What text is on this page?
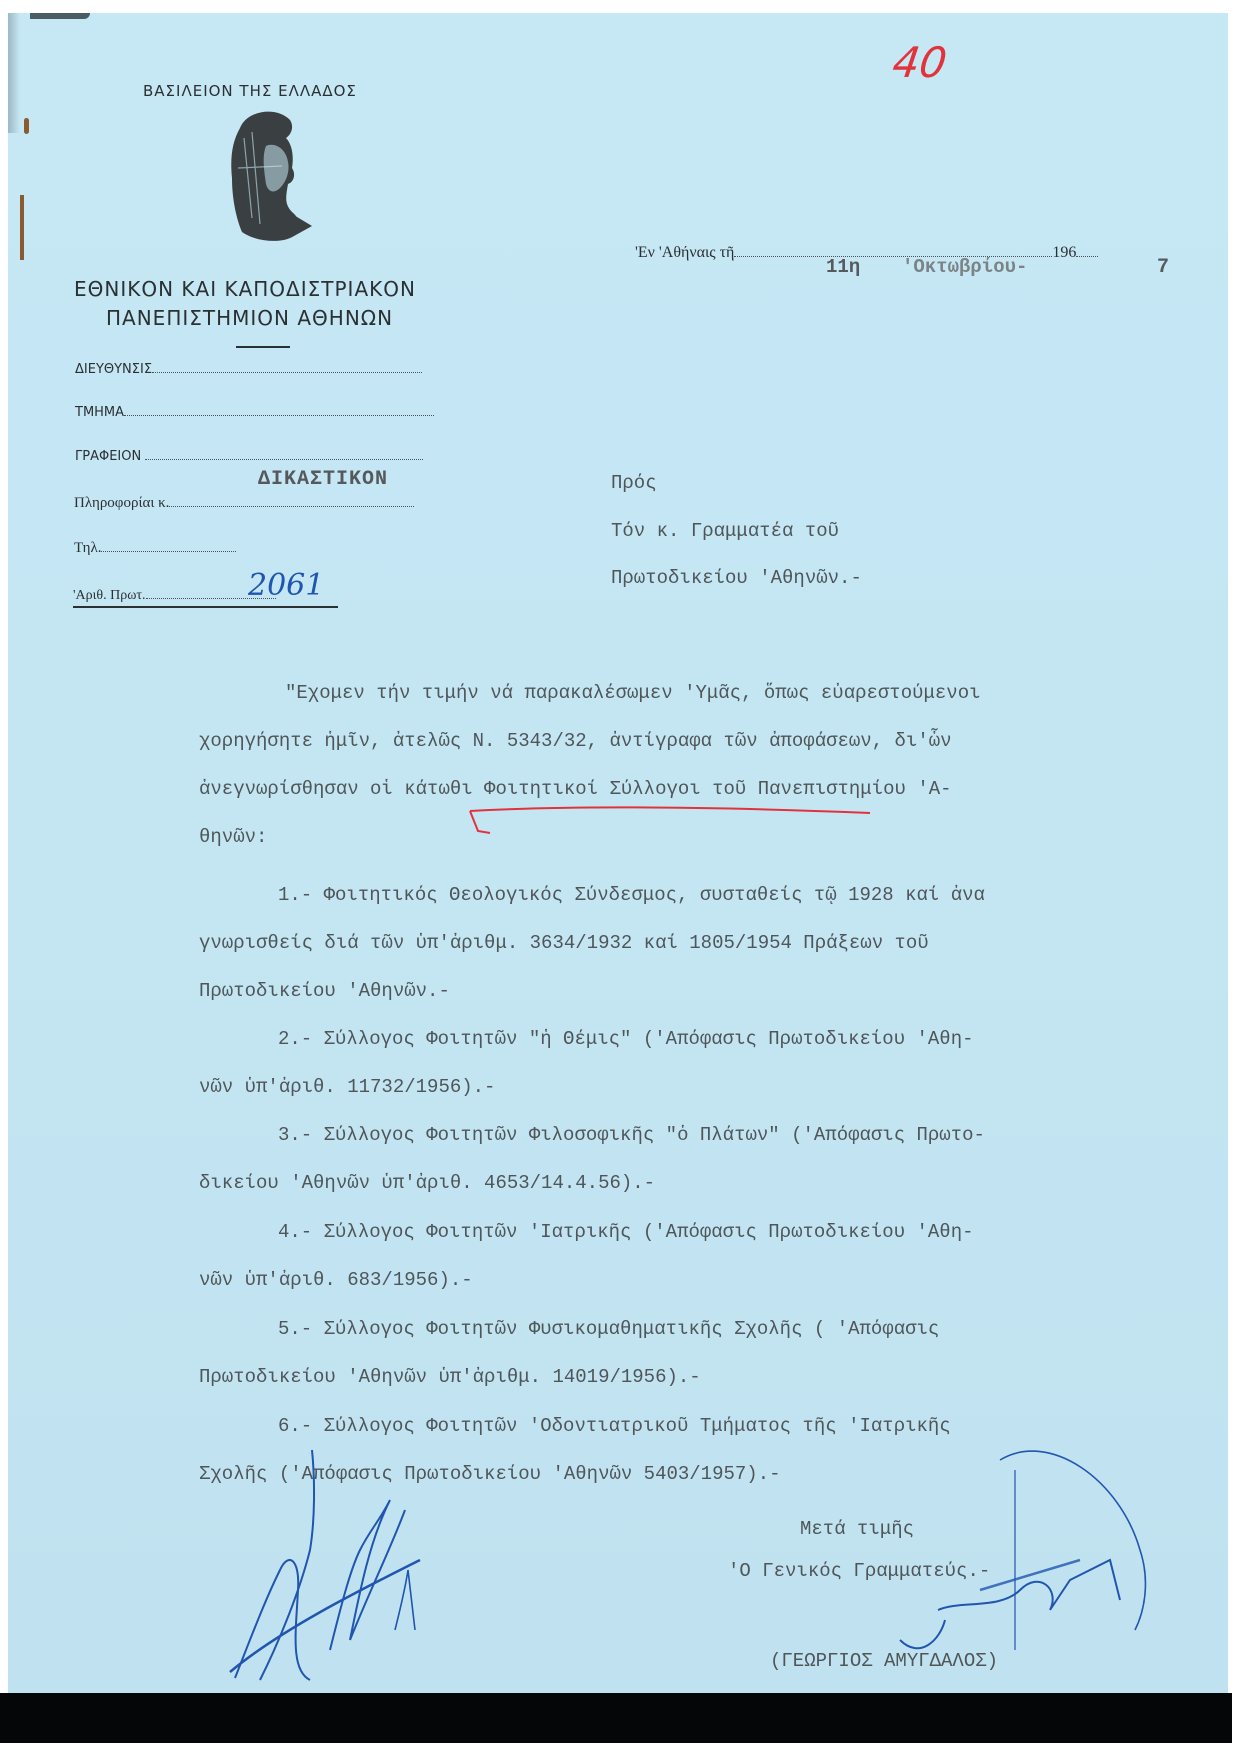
40
ΒΑΣΙΛΕΙΟΝ ΤΗΣ ΕΛΛΑΔΟΣ
ΕΘΝΙΚΟΝ ΚΑΙ ΚΑΠΟΔΙΣΤΡΙΑΚΟΝ
ΠΑΝΕΠΙΣΤΗΜΙΟΝ ΑΘΗΝΩΝ
ΔΙΕΥΘΥΝΣΙΣ
ΤΜΗΜΑ
ΓΡΑΦΕΙΟΝ
ΔΙΚΑΣΤΙΚΟΝ
Πληροφορίαι κ.
Τηλ.
'Αριθ. Πρωτ.	2061
'Εν 'Αθήναις τῆ	196
11η 'Οκτωβρίου-	7
Πρός
Τόν κ. Γραμματέα τοῦ
Πρωτοδικείου 'Αθηνῶν.-
"Εχομεν τήν τιμήν νά παρακαλέσωμεν 'Υμᾶς, ὅπως εὐαρεστούμενοι
χορηγήσητε ἡμῖν, ἀτελῶς Ν. 5343/32, ἀντίγραφα τῶν ἀποφάσεων, δι'ὧν
ἀνεγνωρίσθησαν οἱ κάτωθι Φοιτητικοί Σύλλογοι τοῦ Πανεπιστημίου 'Α-
θηνῶν:
1.- Φοιτητικός Θεολογικός Σύνδεσμος, συσταθείς τῷ 1928 καί ἀνα
γνωρισθείς διά τῶν ὑπ'ἀριθμ. 3634/1932 καί 1805/1954 Πράξεων τοῦ
Πρωτοδικείου 'Αθηνῶν.-
2.- Σύλλογος Φοιτητῶν "ἡ Θέμις" ('Απόφασις Πρωτοδικείου 'Αθη-
νῶν ὑπ'ἀριθ. 11732/1956).-
3.- Σύλλογος Φοιτητῶν Φιλοσοφικῆς "ὁ Πλάτων" ('Απόφασις Πρωτο-
δικείου 'Αθηνῶν ὑπ'ἀριθ. 4653/14.4.56).-
4.- Σύλλογος Φοιτητῶν 'Ιατρικῆς ('Απόφασις Πρωτοδικείου 'Αθη-
νῶν ὑπ'ἀριθ. 683/1956).-
5.- Σύλλογος Φοιτητῶν Φυσικομαθηματικῆς Σχολῆς ( 'Απόφασις
Πρωτοδικείου 'Αθηνῶν ὑπ'ἀριθμ. 14019/1956).-
6.- Σύλλογος Φοιτητῶν 'Οδοντιατρικοῦ Τμήματος τῆς 'Ιατρικῆς
Σχολῆς ('Απόφασις Πρωτοδικείου 'Αθηνῶν 5403/1957).-
Μετά τιμῆς
'Ο Γενικός Γραμματεύς.-
(ΓΕΩΡΓΙΟΣ ΑΜΥΓΔΑΛΟΣ)
